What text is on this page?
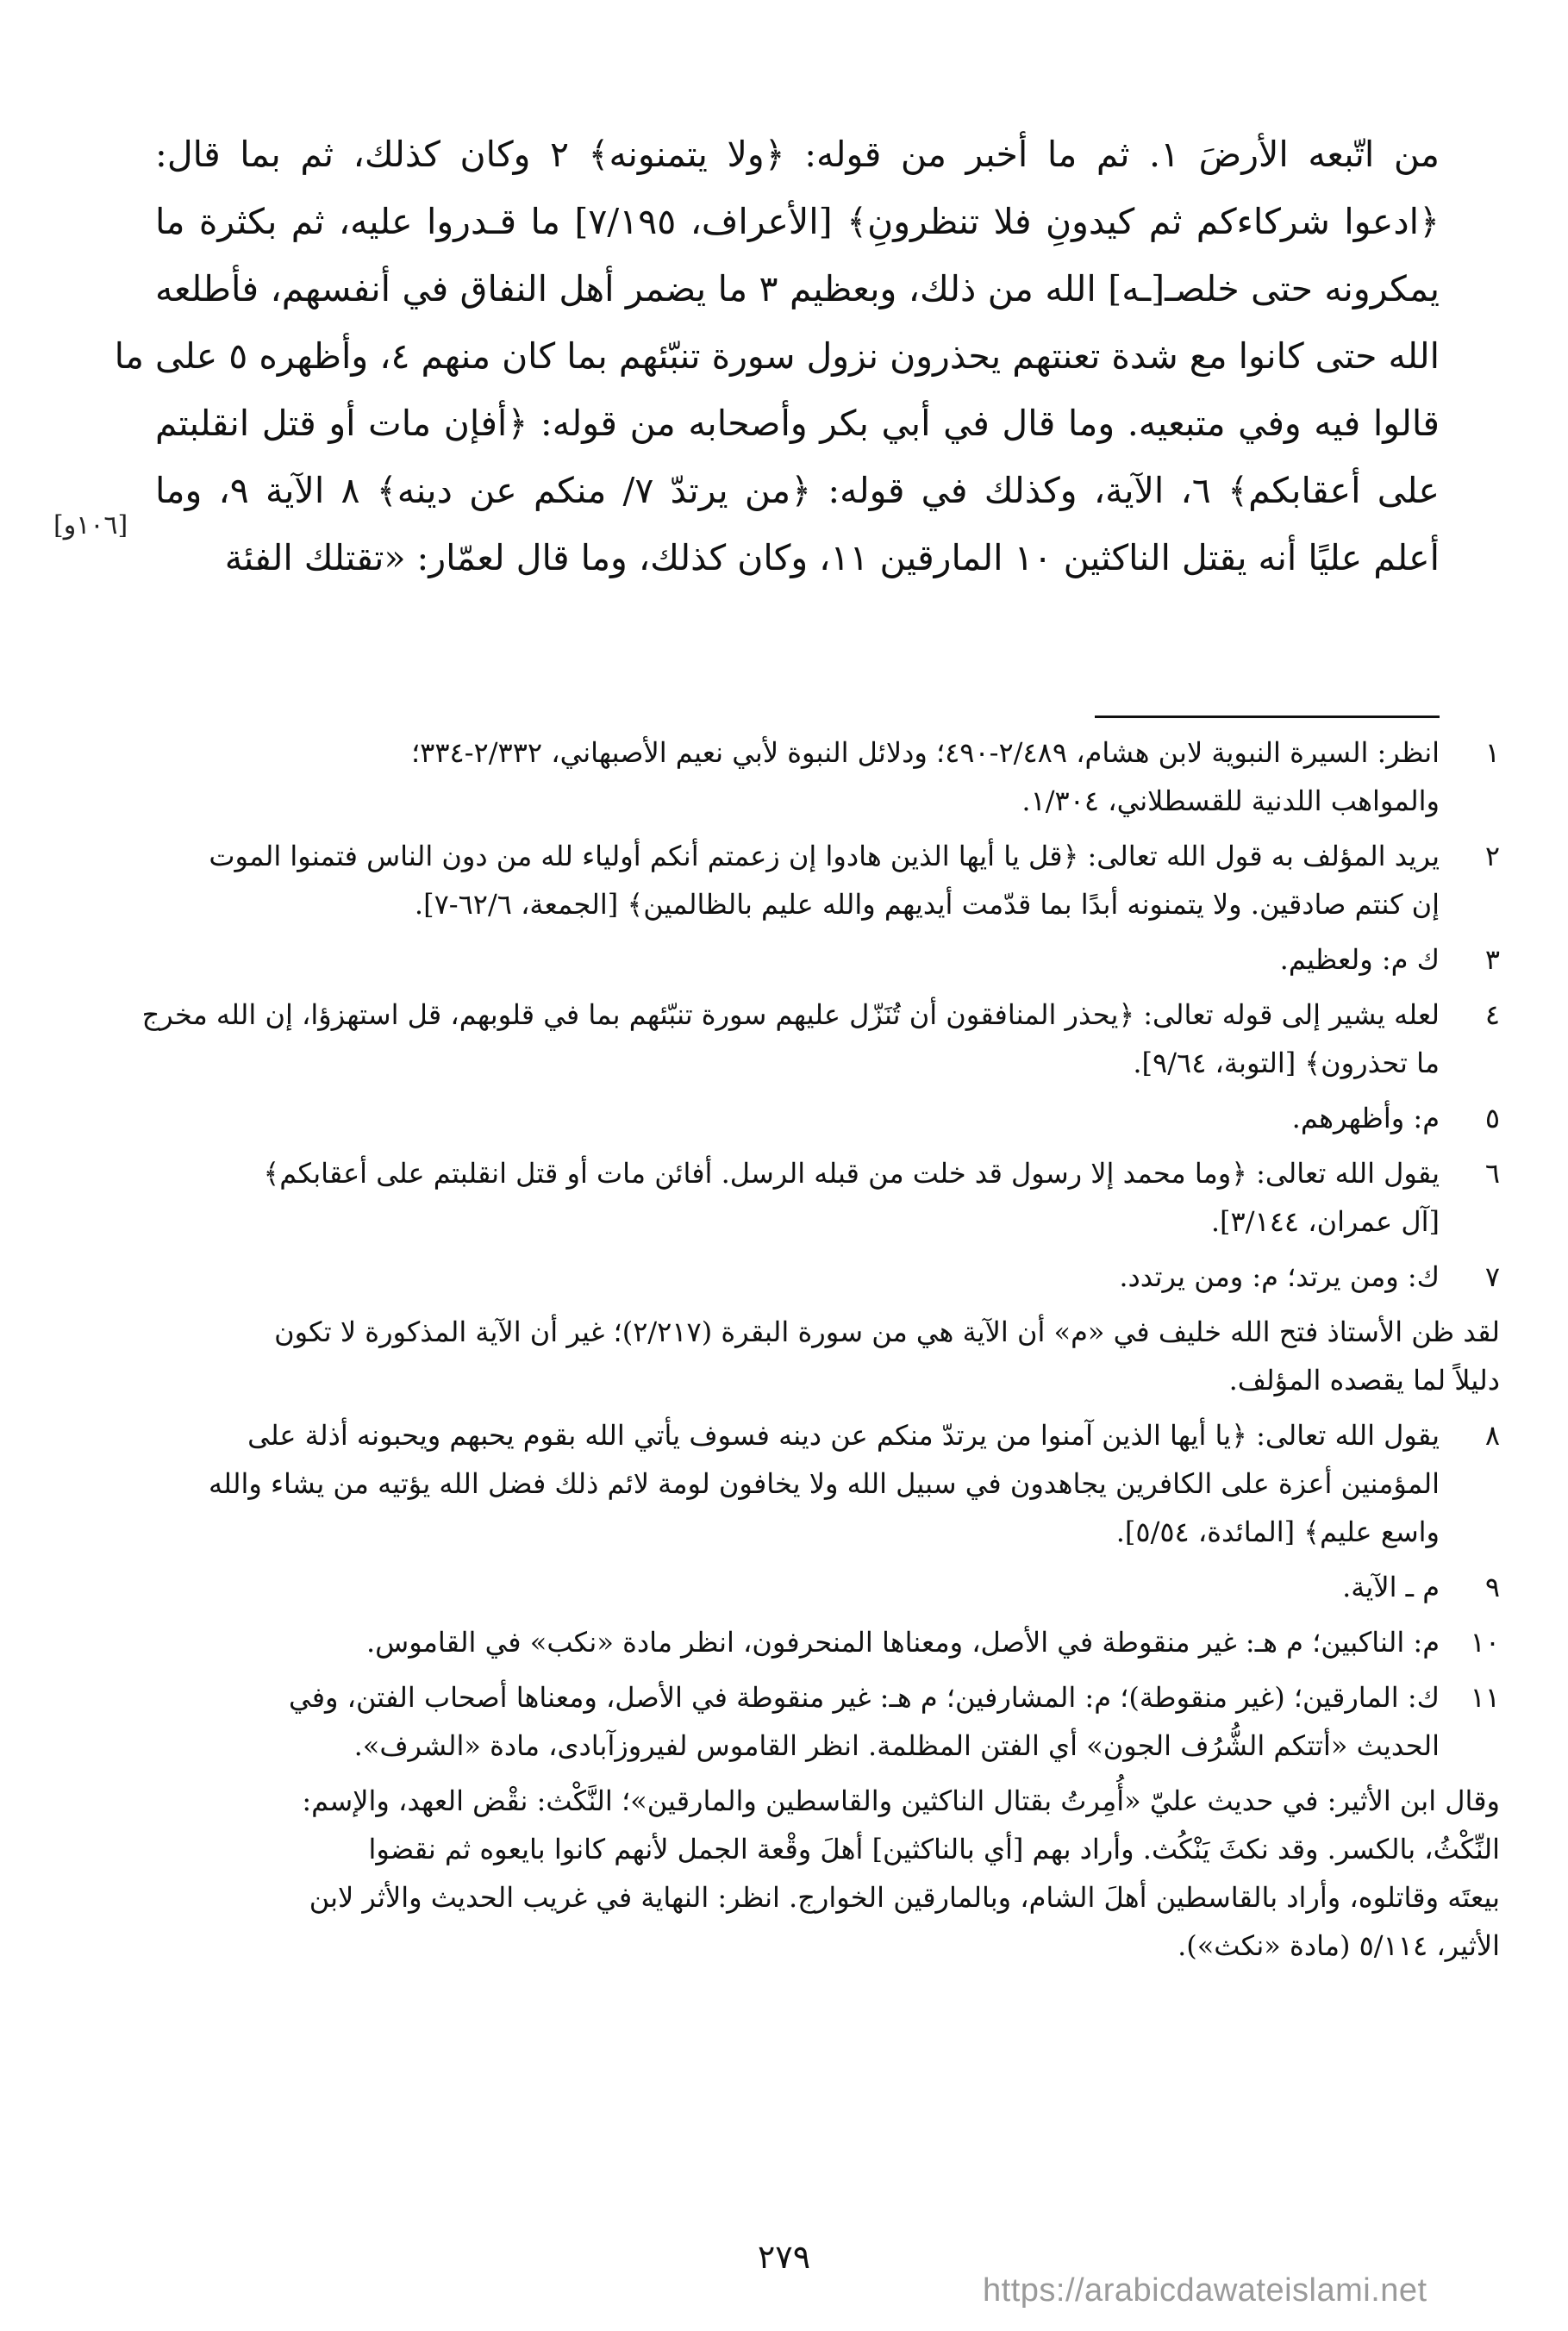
من اتّبعه الأرضَ ١. ثم ما أخبر من قوله: ﴿ولا يتمنونه﴾ ٢ وكان كذلك، ثم بما قال:
﴿ادعوا شركاءكم ثم كيدونِ فلا تنظرونِ﴾ [الأعراف، ٧/١٩٥] ما قـدروا عليه، ثم بكثرة ما
يمكرونه حتى خلصـ[ـه] الله من ذلك، وبعظيم ٣ ما يضمر أهل النفاق في أنفسهم، فأطلعه
الله حتى كانوا مع شدة تعنتهم يحذرون نزول سورة تنبّئهم بما كان منهم ٤، وأظهره ٥ على ما
قالوا فيه وفي متبعيه. وما قال في أبي بكر وأصحابه من قوله: ﴿أفإن مات أو قتل انقلبتم
على أعقابكم﴾ ٦، الآية، وكذلك في قوله: ﴿من يرتدّ ٧/ منكم عن دينه﴾ ٨ الآية ٩، وما
أعلم عليًا أنه يقتل الناكثين ١٠ المارقين ١١، وكان كذلك، وما قال لعمّار: «تقتلك الفئة
[١٠٦و]
١
انظر: السيرة النبوية لابن هشام، ٢/٤٨٩-٤٩٠؛ ودلائل النبوة لأبي نعيم الأصبهاني، ٢/٣٣٢-٣٣٤؛
والمواهب اللدنية للقسطلاني، ١/٣٠٤.
٢
يريد المؤلف به قول الله تعالى: ﴿قل يا أيها الذين هادوا إن زعمتم أنكم أولياء لله من دون الناس فتمنوا الموت
إن كنتم صادقين. ولا يتمنونه أبدًا بما قدّمت أيديهم والله عليم بالظالمين﴾ [الجمعة، ٦٢/٦-٧].
٣
ك م: ولعظيم.
٤
لعله يشير إلى قوله تعالى: ﴿يحذر المنافقون أن تُنَزّل عليهم سورة تنبّئهم بما في قلوبهم، قل استهزؤا، إن الله مخرج
ما تحذرون﴾ [التوبة، ٩/٦٤].
٥
م: وأظهرهم.
٦
يقول الله تعالى: ﴿وما محمد إلا رسول قد خلت من قبله الرسل. أفائن مات أو قتل انقلبتم على أعقابكم﴾
[آل عمران، ٣/١٤٤].
٧
ك: ومن يرتد؛ م: ومن يرتدد.
لقد ظن الأستاذ فتح الله خليف في «م» أن الآية هي من سورة البقرة (٢/٢١٧)؛ غير أن الآية المذكورة لا تكون
دليلاً لما يقصده المؤلف.
٨
يقول الله تعالى: ﴿يا أيها الذين آمنوا من يرتدّ منكم عن دينه فسوف يأتي الله بقوم يحبهم ويحبونه أذلة على
المؤمنين أعزة على الكافرين يجاهدون في سبيل الله ولا يخافون لومة لائم ذلك فضل الله يؤتيه من يشاء والله
واسع عليم﴾ [المائدة، ٥/٥٤].
٩
م ـ الآية.
١٠
م: الناكبين؛ م هـ: غير منقوطة في الأصل، ومعناها المنحرفون، انظر مادة «نكب» في القاموس.
١١
ك: المارقين؛ (غير منقوطة)؛ م: المشارفين؛ م هـ: غير منقوطة في الأصل، ومعناها أصحاب الفتن، وفي
الحديث «أتتكم الشُّرُف الجون» أي الفتن المظلمة. انظر القاموس لفيروزآبادى، مادة «الشرف».
وقال ابن الأثير: في حديث عليّ «أُمِرتُ بقتال الناكثين والقاسطين والمارقين»؛ النَّكْث: نقْض العهد، والإسم:
النِّكْثُ، بالكسر. وقد نكثَ يَنْكُث. وأراد بهم [أي بالناكثين] أهلَ وقْعة الجمل لأنهم كانوا بايعوه ثم نقضوا
بيعتَه وقاتلوه، وأراد بالقاسطين أهلَ الشام، وبالمارقين الخوارج. انظر: النهاية في غريب الحديث والأثر لابن
الأثير، ٥/١١٤ (مادة «نكث»).
٢٧٩
https://arabicdawateislami.net
